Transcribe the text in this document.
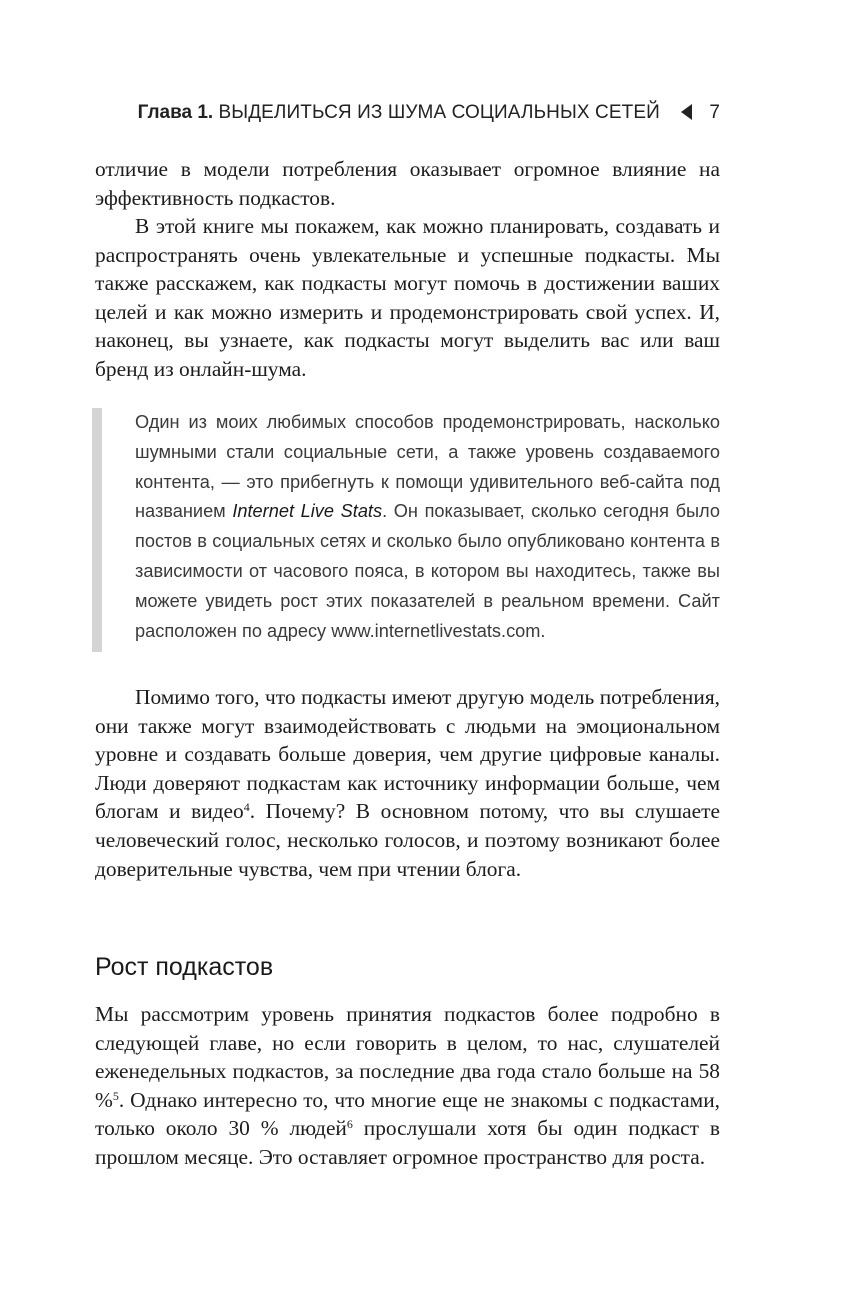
Глава 1. ВЫДЕЛИТЬСЯ ИЗ ШУМА СОЦИАЛЬНЫХ СЕТЕЙ	7

отличие в модели потребления оказывает огромное влияние на эффективность подкастов.

В этой книге мы покажем, как можно планировать, создавать и распространять очень увлекательные и успешные подкасты. Мы также расскажем, как подкасты могут помочь в достижении ваших целей и как можно измерить и продемонстрировать свой успех. И, наконец, вы узнаете, как подкасты могут выделить вас или ваш бренд из онлайн-шума.

Один из моих любимых способов продемонстрировать, насколько шумными стали социальные сети, а также уровень создаваемого контента, — это прибегнуть к помощи удивительного веб-сайта под названием Internet Live Stats. Он показывает, сколько сегодня было постов в социальных сетях и сколько было опубликовано контента в зависимости от часового пояса, в котором вы находитесь, также вы можете увидеть рост этих показателей в реальном времени. Сайт расположен по адресу www.internetlivestats.com.

Помимо того, что подкасты имеют другую модель потребления, они также могут взаимодействовать с людьми на эмоциональном уровне и создавать больше доверия, чем другие цифровые каналы. Люди доверяют подкастам как источнику информации больше, чем блогам и видео$^4$. Почему? В основном потому, что вы слушаете человеческий голос, несколько голосов, и поэтому возникают более доверительные чувства, чем при чтении блога.

Рост подкастов

Мы рассмотрим уровень принятия подкастов более подробно в следующей главе, но если говорить в целом, то нас, слушателей еженедельных подкастов, за последние два года стало больше на 58 %$^5$. Однако интересно то, что многие еще не знакомы с подкастами, только около 30 % людей$^6$ прослушали хотя бы один подкаст в прошлом месяце. Это оставляет огромное пространство для роста.
